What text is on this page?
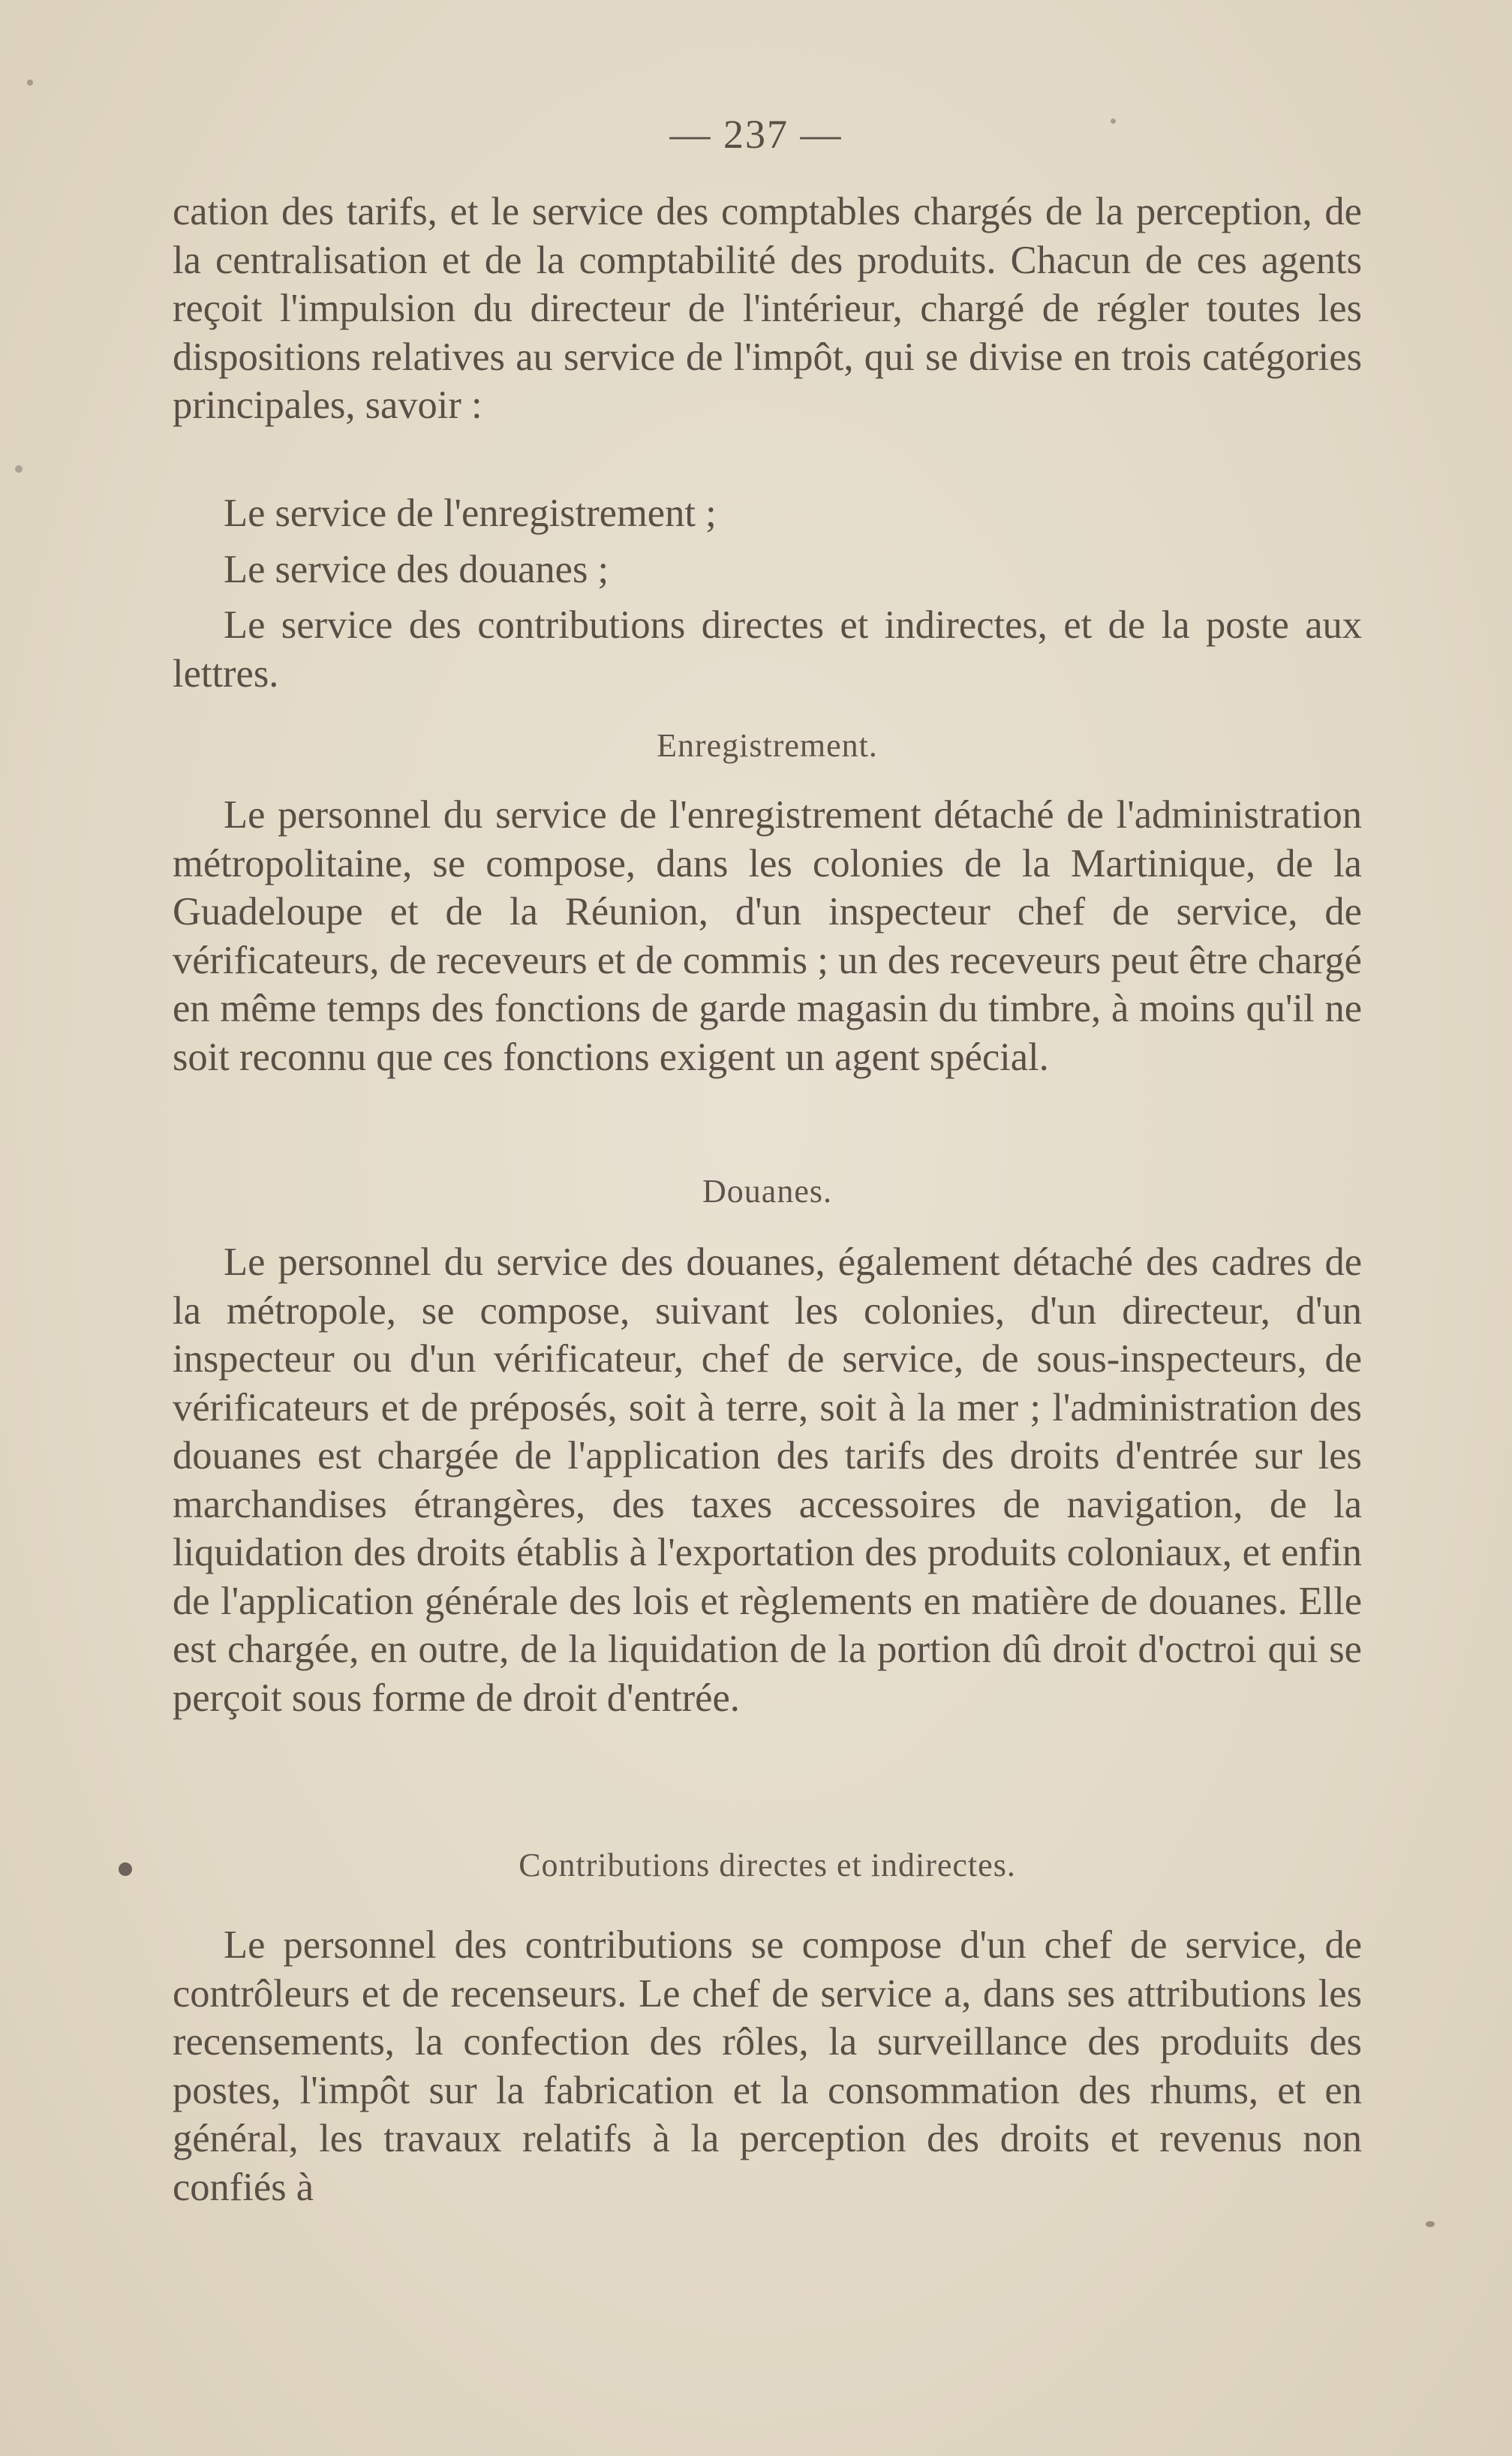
— 237 —

cation des tarifs, et le service des comptables chargés de la perception, de la centralisation et de la comptabilité des produits. Chacun de ces agents reçoit l'impulsion du directeur de l'intérieur, chargé de régler toutes les dispositions relatives au service de l'impôt, qui se divise en trois catégories principales, savoir :

Le service de l'enregistrement ;

Le service des douanes ;

Le service des contributions directes et indirectes, et de la poste aux lettres.

Enregistrement.

Le personnel du service de l'enregistrement détaché de l'administration métropolitaine, se compose, dans les colonies de la Martinique, de la Guadeloupe et de la Réunion, d'un inspecteur chef de service, de vérificateurs, de receveurs et de commis ; un des receveurs peut être chargé en même temps des fonctions de garde magasin du timbre, à moins qu'il ne soit reconnu que ces fonctions exigent un agent spécial.

Douanes.

Le personnel du service des douanes, également détaché des cadres de la métropole, se compose, suivant les colonies, d'un directeur, d'un inspecteur ou d'un vérificateur, chef de service, de sous-inspecteurs, de vérificateurs et de préposés, soit à terre, soit à la mer ; l'administration des douanes est chargée de l'application des tarifs des droits d'entrée sur les marchandises étrangères, des taxes accessoires de navigation, de la liquidation des droits établis à l'exportation des produits coloniaux, et enfin de l'application générale des lois et règlements en matière de douanes. Elle est chargée, en outre, de la liquidation de la portion dû droit d'octroi qui se perçoit sous forme de droit d'entrée.

Contributions directes et indirectes.

Le personnel des contributions se compose d'un chef de service, de contrôleurs et de recenseurs. Le chef de service a, dans ses attributions les recensements, la confection des rôles, la surveillance des produits des postes, l'impôt sur la fabrication et la consommation des rhums, et en général, les travaux relatifs à la perception des droits et revenus non confiés à
